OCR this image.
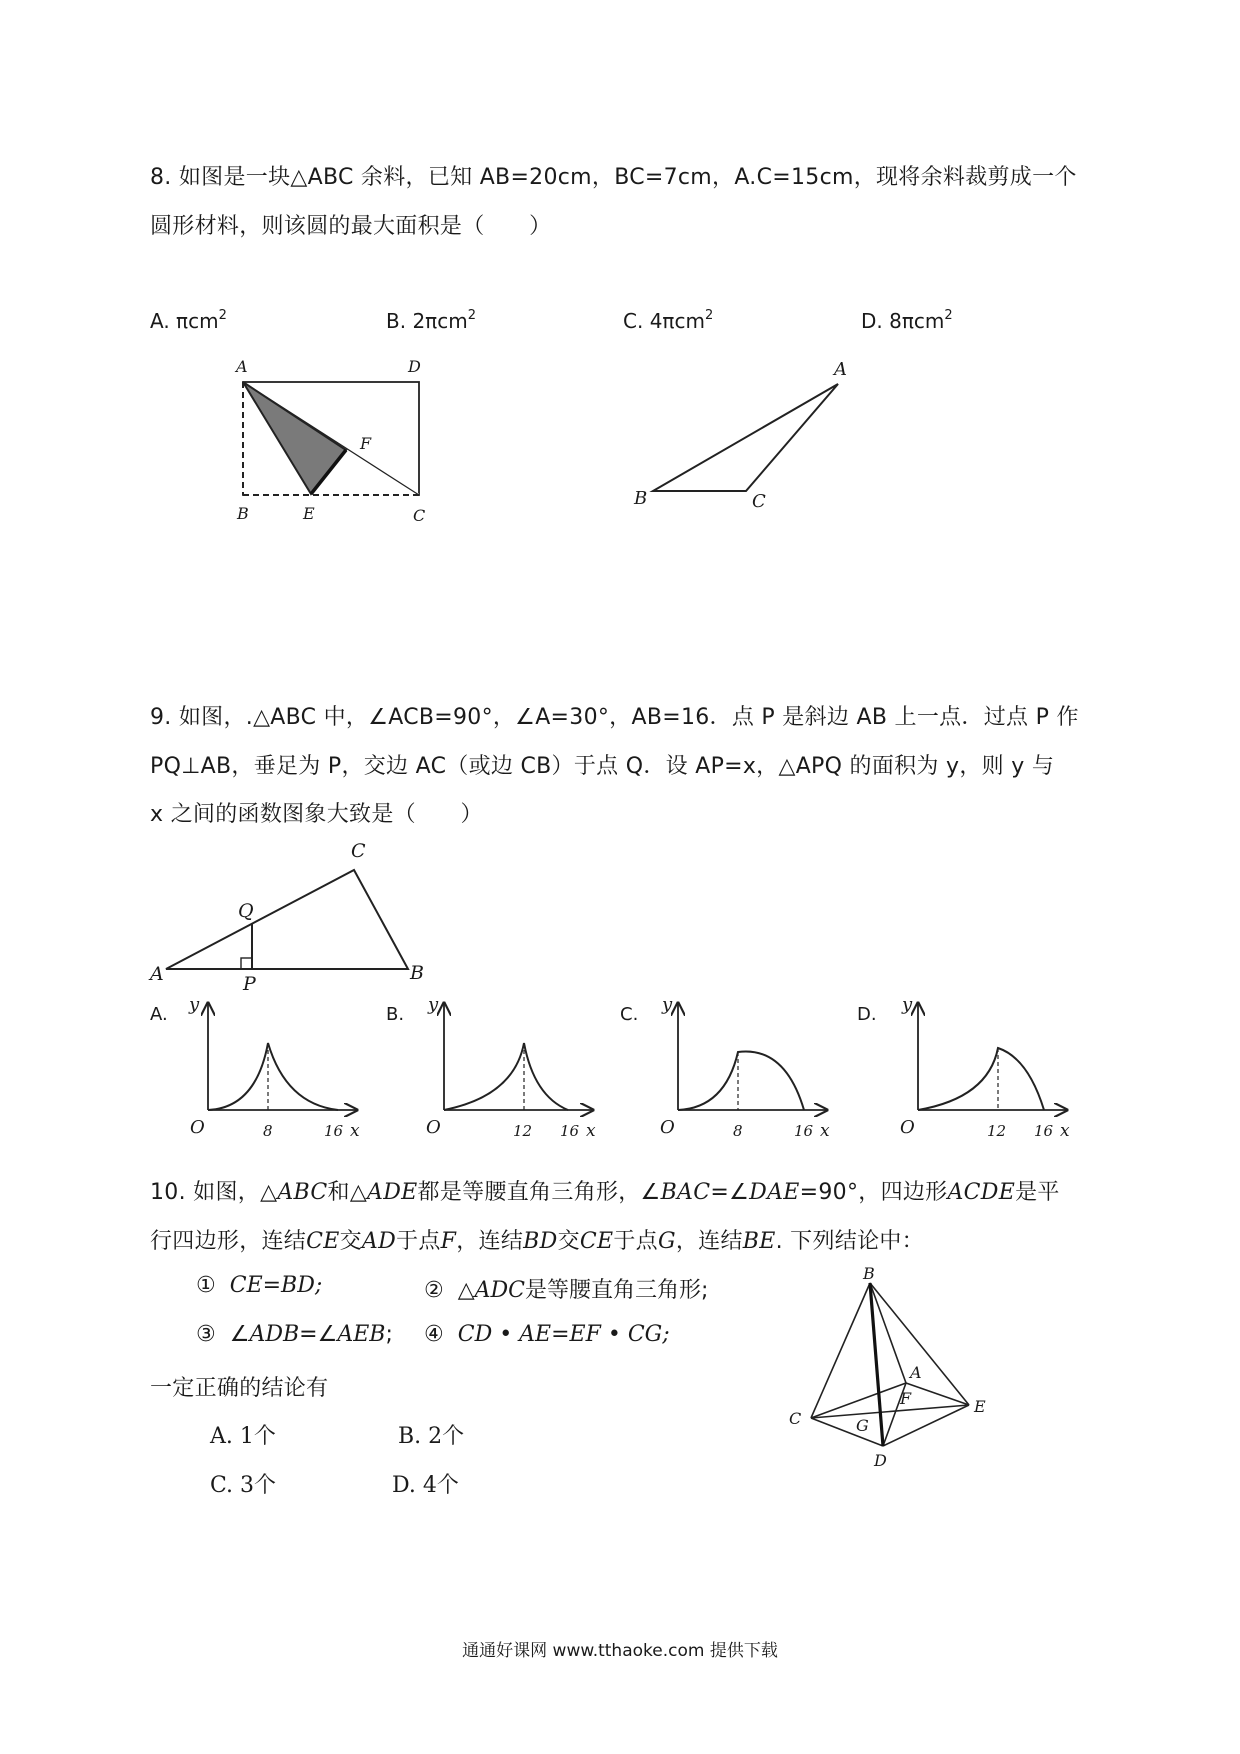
8. 如图是一块△ABC 余料，已知 AB=20cm，BC=7cm，A.C=15cm，现将余料裁剪成一个
圆形材料，则该圆的最大面积是（　　）
A. πcm$^2$	B. 2πcm$^2$	C. 4πcm$^2$	D. 8πcm$^2$
A	D
F
B	E	C
A
B	C
9. 如图，.△ABC 中，∠ACB=90°，∠A=30°，AB=16．点 P 是斜边 AB 上一点．过点 P 作
PQ⊥AB，垂足为 P，交边 AC（或边 CB）于点 Q．设 AP=x，△APQ 的面积为 y，则 y 与
x 之间的函数图象大致是（　　）
C
Q
A	P	B
A.	B.	C.	D.
y
O	8	16 x
y
O	12 16 x
y
O	8	16 x
y
O	12 16 x
10. 如图，△ABC和△ADE都是等腰直角三角形，∠BAC=∠DAE=90°，四边形ACDE是平
行四边形，连结CE交AD于点F，连结BD交CE于点G，连结BE. 下列结论中：
① CE=BD;	② △ADC是等腰直角三角形;
③ ∠ADB=∠AEB; ④ CD • AE=EF • CG;
一定正确的结论有
A. 1个	B. 2个
C. 3个	D. 4个
B
A
F
C	G
E
D
通通好课网 www.tthaoke.com 提供下载
